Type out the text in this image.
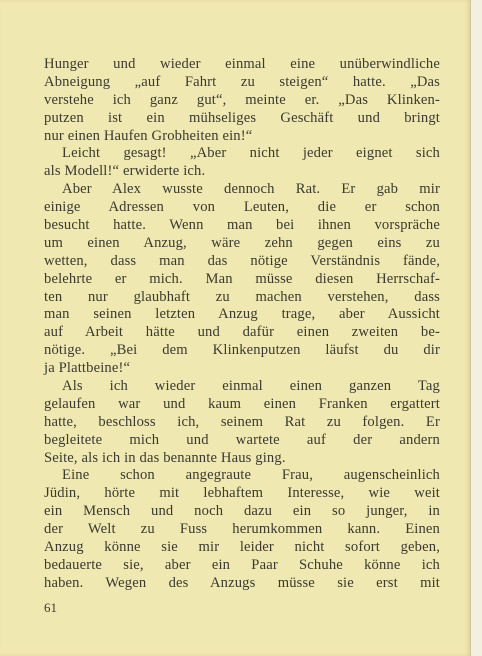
Hunger und wieder einmal eine unüberwindliche
Abneigung „auf Fahrt zu steigen“ hatte. „Das
verstehe ich ganz gut“, meinte er. „Das Klinken-
putzen ist ein mühseliges Geschäft und bringt
nur einen Haufen Grobheiten ein!“
Leicht gesagt! „Aber nicht jeder eignet sich
als Modell!“ erwiderte ich.
Aber Alex wusste dennoch Rat. Er gab mir
einige Adressen von Leuten, die er schon
besucht hatte. Wenn man bei ihnen vorspräche
um einen Anzug, wäre zehn gegen eins zu
wetten, dass man das nötige Verständnis fände,
belehrte er mich. Man müsse diesen Herrschaf-
ten nur glaubhaft zu machen verstehen, dass
man seinen letzten Anzug trage, aber Aussicht
auf Arbeit hätte und dafür einen zweiten be-
nötige. „Bei dem Klinkenputzen läufst du dir
ja Plattbeine!“
Als ich wieder einmal einen ganzen Tag
gelaufen war und kaum einen Franken ergattert
hatte, beschloss ich, seinem Rat zu folgen. Er
begleitete mich und wartete auf der andern
Seite, als ich in das benannte Haus ging.
Eine schon angegraute Frau, augenscheinlich
Jüdin, hörte mit lebhaftem Interesse, wie weit
ein Mensch und noch dazu ein so junger, in
der Welt zu Fuss herumkommen kann. Einen
Anzug könne sie mir leider nicht sofort geben,
bedauerte sie, aber ein Paar Schuhe könne ich
haben. Wegen des Anzugs müsse sie erst mit
61
